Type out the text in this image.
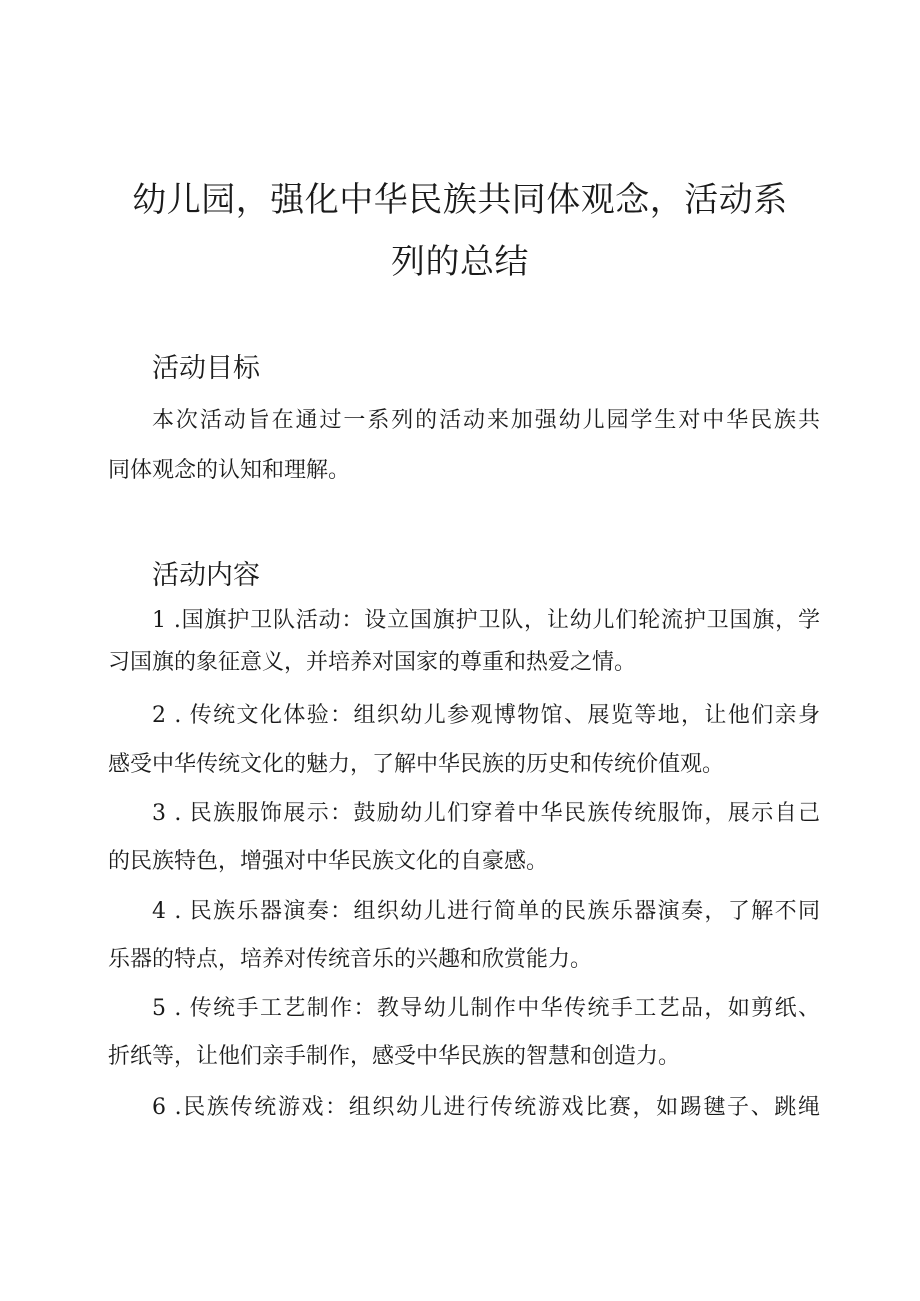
幼儿园，强化中华民族共同体观念，活动系
列的总结
活动目标
本次活动旨在通过一系列的活动来加强幼儿园学生对中华民族共
同体观念的认知和理解。
活动内容
1 .国旗护卫队活动：设立国旗护卫队，让幼儿们轮流护卫国旗，学
习国旗的象征意义，并培养对国家的尊重和热爱之情。
2 . 传统文化体验：组织幼儿参观博物馆、展览等地，让他们亲身
感受中华传统文化的魅力，了解中华民族的历史和传统价值观。
3 . 民族服饰展示：鼓励幼儿们穿着中华民族传统服饰，展示自己
的民族特色，增强对中华民族文化的自豪感。
4 . 民族乐器演奏：组织幼儿进行简单的民族乐器演奏，了解不同
乐器的特点，培养对传统音乐的兴趣和欣赏能力。
5 . 传统手工艺制作：教导幼儿制作中华传统手工艺品，如剪纸、
折纸等，让他们亲手制作，感受中华民族的智慧和创造力。
6 .民族传统游戏：组织幼儿进行传统游戏比赛，如踢毽子、跳绳
